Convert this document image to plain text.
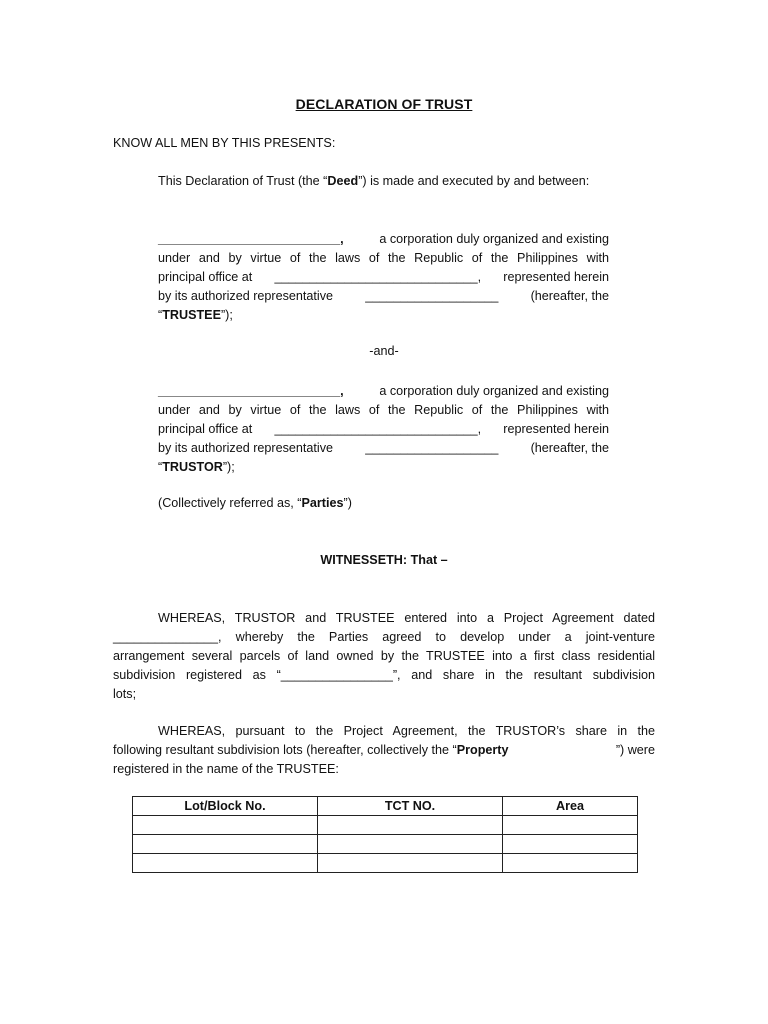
DECLARATION OF TRUST
KNOW ALL MEN BY THIS PRESENTS:
This Declaration of Trust (the “Deed”) is made and executed by and between:
__________________________,	a corporation duly organized and existing
under and by virtue of the laws of the Republic of the Philippines with
principal office at _____________________________, represented herein
by its authorized representative	___________________	(hereafter, the
“TRUSTEE”);
-and-
__________________________,	a corporation duly organized and existing
under and by virtue of the laws of the Republic of the Philippines with
principal office at _____________________________, represented herein
by its authorized representative	___________________	(hereafter, the
“TRUSTOR”);
(Collectively referred as, “Parties”)
WITNESSETH: That –
WHEREAS, TRUSTOR and TRUSTEE entered into a Project Agreement dated
_______________, whereby the Parties agreed to develop under a joint-venture
arrangement several parcels of land owned by the TRUSTEE into a first class residential
subdivision registered as “________________”, and share in the resultant subdivision
lots;
WHEREAS, pursuant to the Project Agreement, the TRUSTOR’s share in the
following resultant subdivision lots (hereafter, collectively the “ Property	”) were
registered in the name of the TRUSTEE:
Lot/Block No.	TCT NO.	Area
